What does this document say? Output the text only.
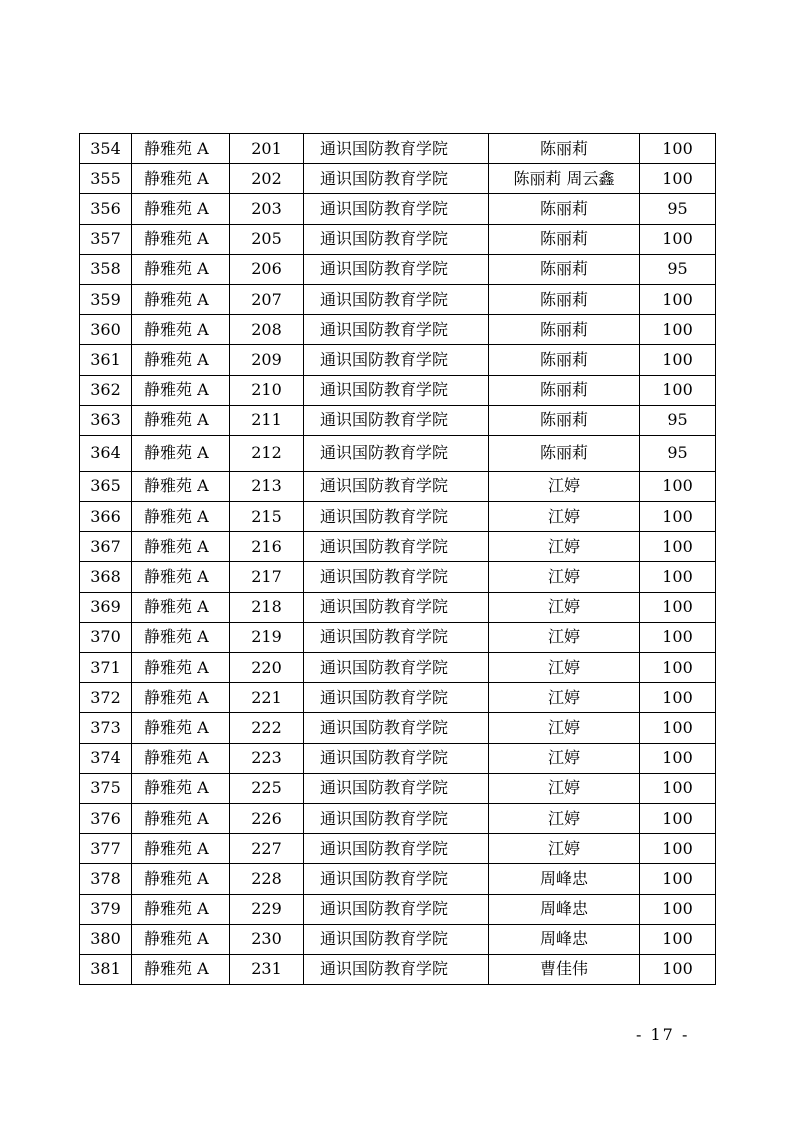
354	静雅苑 A	201	通识国防教育学院	陈丽莉	100
355	静雅苑 A	202	通识国防教育学院	陈丽莉 周云鑫	100
356	静雅苑 A	203	通识国防教育学院	陈丽莉	95
357	静雅苑 A	205	通识国防教育学院	陈丽莉	100
358	静雅苑 A	206	通识国防教育学院	陈丽莉	95
359	静雅苑 A	207	通识国防教育学院	陈丽莉	100
360	静雅苑 A	208	通识国防教育学院	陈丽莉	100
361	静雅苑 A	209	通识国防教育学院	陈丽莉	100
362	静雅苑 A	210	通识国防教育学院	陈丽莉	100
363	静雅苑 A	211	通识国防教育学院	陈丽莉	95
364	静雅苑 A	212	通识国防教育学院	陈丽莉	95
365	静雅苑 A	213	通识国防教育学院	江婷	100
366	静雅苑 A	215	通识国防教育学院	江婷	100
367	静雅苑 A	216	通识国防教育学院	江婷	100
368	静雅苑 A	217	通识国防教育学院	江婷	100
369	静雅苑 A	218	通识国防教育学院	江婷	100
370	静雅苑 A	219	通识国防教育学院	江婷	100
371	静雅苑 A	220	通识国防教育学院	江婷	100
372	静雅苑 A	221	通识国防教育学院	江婷	100
373	静雅苑 A	222	通识国防教育学院	江婷	100
374	静雅苑 A	223	通识国防教育学院	江婷	100
375	静雅苑 A	225	通识国防教育学院	江婷	100
376	静雅苑 A	226	通识国防教育学院	江婷	100
377	静雅苑 A	227	通识国防教育学院	江婷	100
378	静雅苑 A	228	通识国防教育学院	周峰忠	100
379	静雅苑 A	229	通识国防教育学院	周峰忠	100
380	静雅苑 A	230	通识国防教育学院	周峰忠	100
381	静雅苑 A	231	通识国防教育学院	曹佳伟	100
- 17 -
